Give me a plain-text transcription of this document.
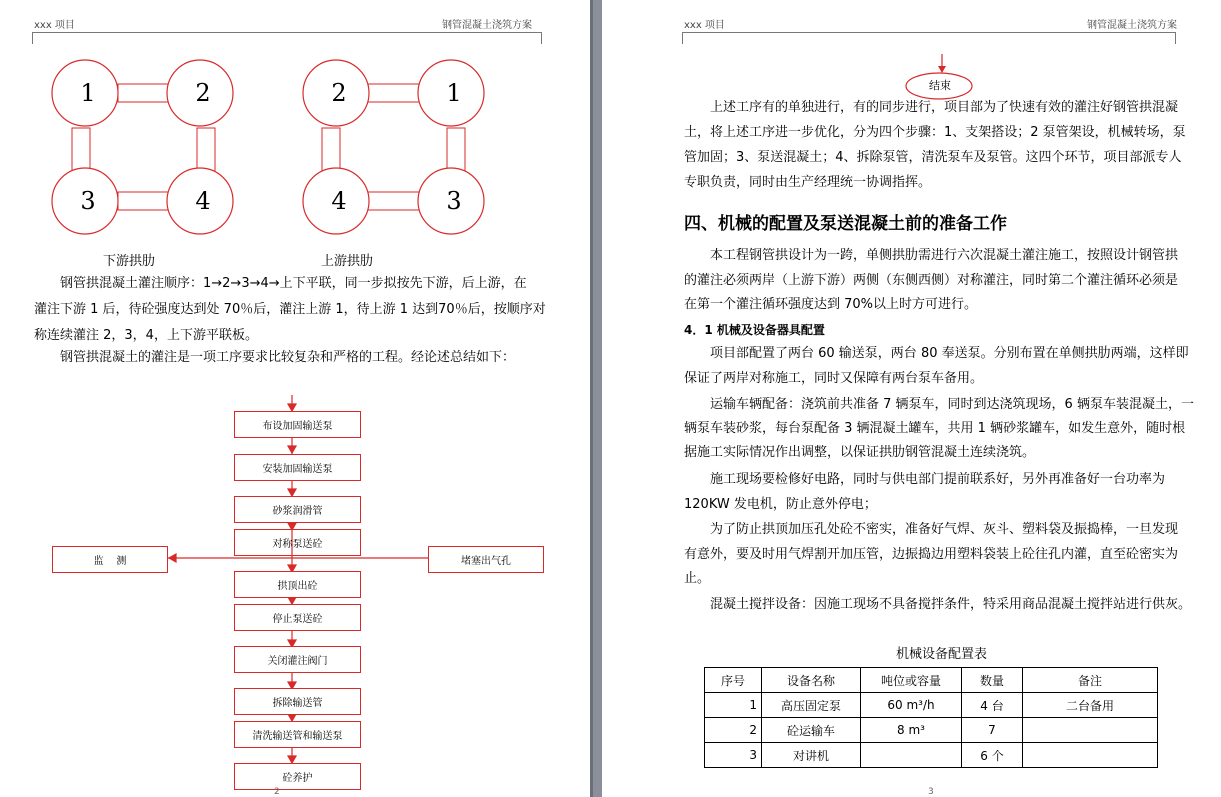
xxx 项目	钢管混凝土浇筑方案
1	2
3	4
2	1
4	3
下游拱肋	上游拱肋
钢管拱混凝土灌注顺序：1→2→3→4→上下平联，同一步拟按先下游，后上游，在
灌注下游 1 后，待砼强度达到处 70％后，灌注上游 1，待上游 1 达到70％后，按顺序对
称连续灌注 2，3，4，上下游平联板。
钢管拱混凝土的灌注是一项工序要求比较复杂和严格的工程。经论述总结如下：
布设加固输送泵
安装加固输送泵
砂浆润滑管
对称泵送砼
拱顶出砼
停止泵送砼
关闭灌注阀门
拆除输送管
清洗输送管和输送泵
砼养护
监    测	堵塞出气孔
2
xxx 项目	钢管混凝土浇筑方案
结束
上述工序有的单独进行，有的同步进行，项目部为了快速有效的灌注好钢管拱混凝
土，将上述工序进一步优化，分为四个步骤：1、支架搭设；2 泵管架设，机械转场，泵
管加固；3、泵送混凝土；4、拆除泵管，清洗泵车及泵管。这四个环节，项目部派专人
专职负责，同时由生产经理统一协调指挥。
四、机械的配置及泵送混凝土前的准备工作
本工程钢管拱设计为一跨，单侧拱肋需进行六次混凝土灌注施工，按照设计钢管拱
的灌注必须两岸（上游下游）两侧（东侧西侧）对称灌注，同时第二个灌注循环必须是
在第一个灌注循环强度达到 70%以上时方可进行。
4．1 机械及设备器具配置
项目部配置了两台 60 输送泵，两台 80 奉送泵。分别布置在单侧拱肋两端，这样即
保证了两岸对称施工，同时又保障有两台泵车备用。
运输车辆配备：浇筑前共准备 7 辆泵车，同时到达浇筑现场，6 辆泵车装混凝土，一
辆泵车装砂浆，每台泵配备 3 辆混凝土罐车，共用 1 辆砂浆罐车，如发生意外，随时根
据施工实际情况作出调整，以保证拱肋钢管混凝土连续浇筑。
施工现场要检修好电路，同时与供电部门提前联系好，另外再准备好一台功率为
120KW 发电机，防止意外停电；
为了防止拱顶加压孔处砼不密实，准备好气焊、灰斗、塑料袋及振捣棒，一旦发现
有意外，要及时用气焊割开加压管，边振捣边用塑料袋装上砼往孔内灌，直至砼密实为
止。
混凝土搅拌设备：因施工现场不具备搅拌条件，特采用商品混凝土搅拌站进行供灰。
机械设备配置表
序号	设备名称	吨位或容量	数量	备注
1	高压固定泵	60 m³/h	4 台	二台备用
2	砼运输车	8 m³	7	
3	对讲机		6 个	
3
